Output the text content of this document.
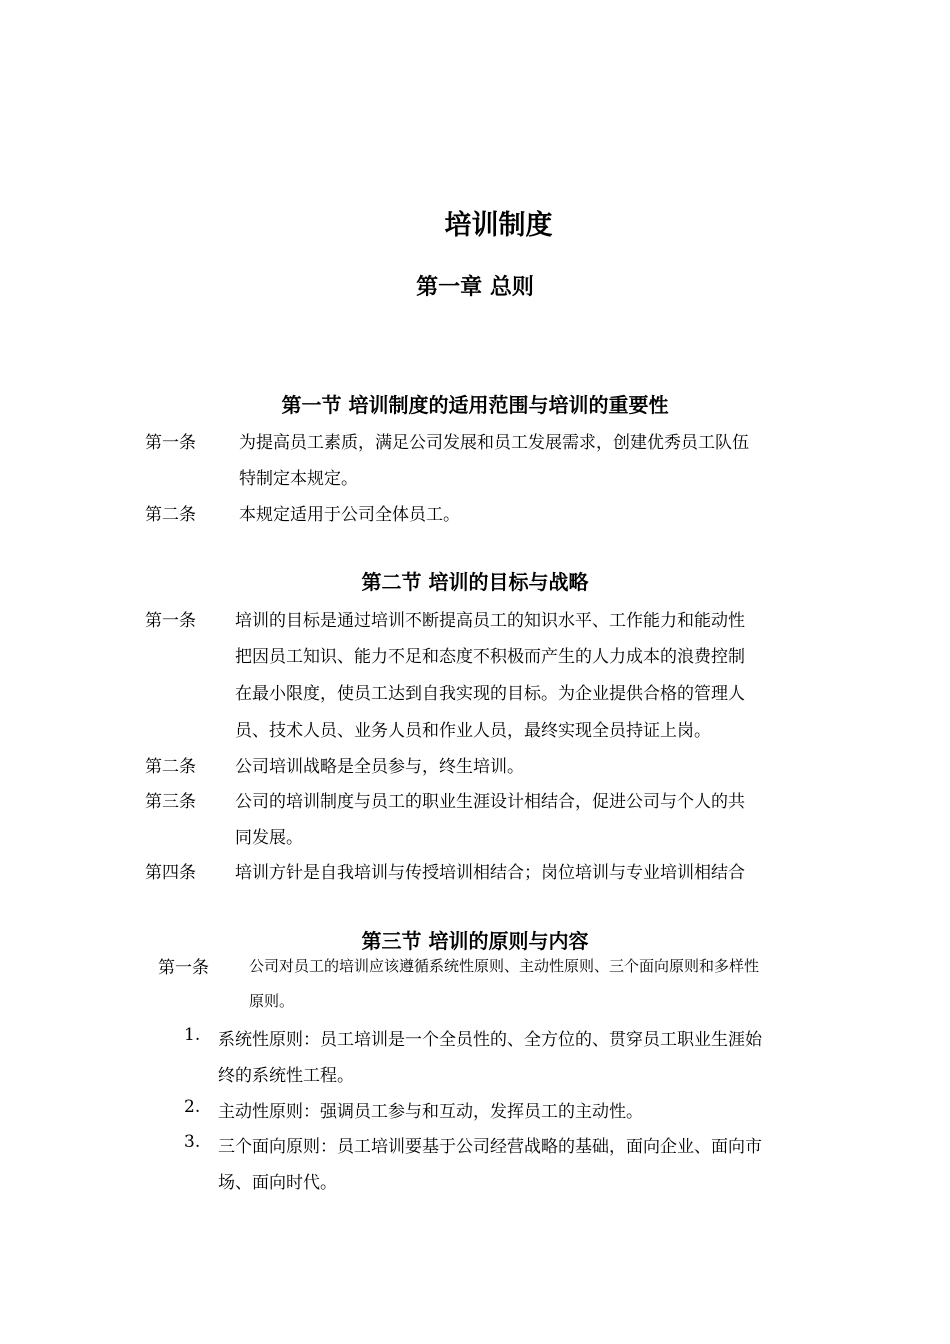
培训制度
第一章 总则
第一节 培训制度的适用范围与培训的重要性
第一条	为提高员工素质，满足公司发展和员工发展需求，创建优秀员工队伍
特制定本规定。
第二条	本规定适用于公司全体员工。
第二节 培训的目标与战略
第一条 培训的目标是通过培训不断提高员工的知识水平、工作能力和能动性
把因员工知识、能力不足和态度不积极而产生的人力成本的浪费控制
在最小限度，使员工达到自我实现的目标。为企业提供合格的管理人
员、技术人员、业务人员和作业人员，最终实现全员持证上岗。
第二条 公司培训战略是全员参与，终生培训。
第三条 公司的培训制度与员工的职业生涯设计相结合，促进公司与个人的共
同发展。
第四条 培训方针是自我培训与传授培训相结合；岗位培训与专业培训相结合
第三节 培训的原则与内容
第一条	公司对员工的培训应该遵循系统性原则、主动性原则、三个面向原则和多样性
原则。
1. 系统性原则：员工培训是一个全员性的、全方位的、贯穿员工职业生涯始
终的系统性工程。
2. 主动性原则：强调员工参与和互动，发挥员工的主动性。
3. 三个面向原则：员工培训要基于公司经营战略的基础，面向企业、面向市
场、面向时代。
